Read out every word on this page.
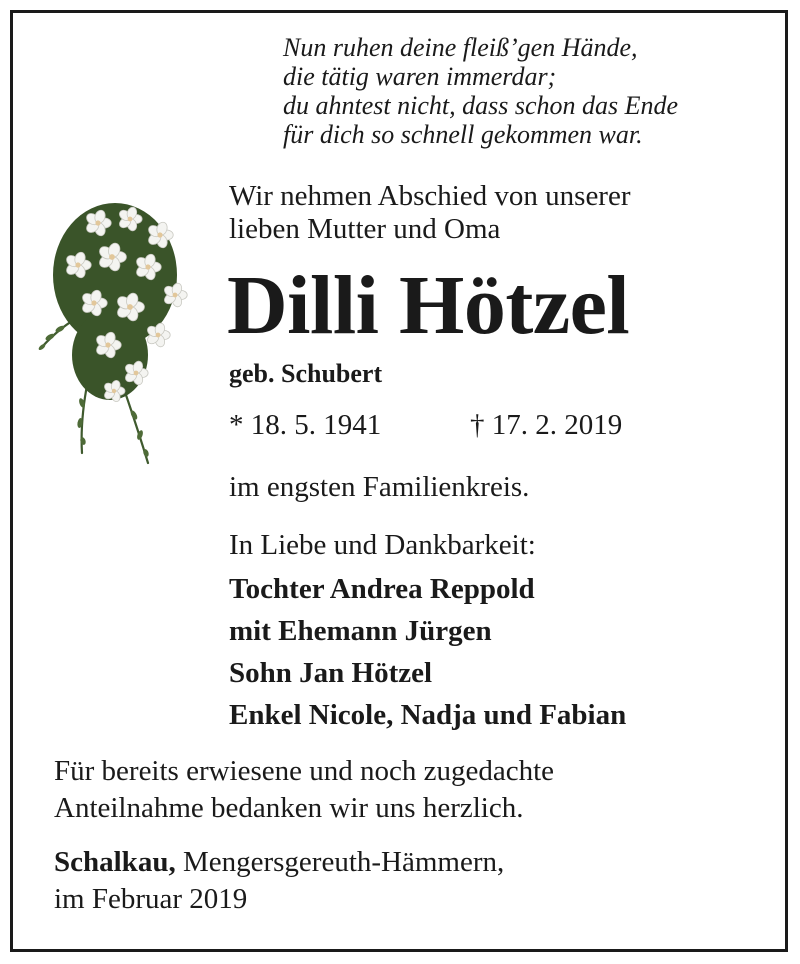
Nun ruhen deine fleiß’gen Hände,
die tätig waren immerdar;
du ahntest nicht, dass schon das Ende
für dich so schnell gekommen war.
Wir nehmen Abschied von unserer
lieben Mutter und Oma
Dilli Hötzel
geb. Schubert
* 18. 5. 1941	† 17. 2. 2019
im engsten Familienkreis.
In Liebe und Dankbarkeit:
Tochter Andrea Reppold
mit Ehemann Jürgen
Sohn Jan Hötzel
Enkel Nicole, Nadja und Fabian
Für bereits erwiesene und noch zugedachte
Anteilnahme bedanken wir uns herzlich.
Schalkau, Mengersgereuth-Hämmern,
im Februar 2019
